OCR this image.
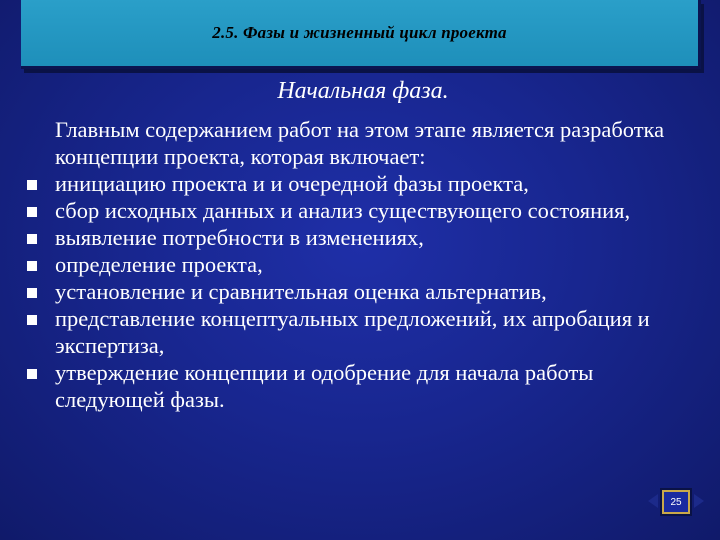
2.5. Фазы и жизненный цикл проекта
Начальная фаза.
Главным содержанием работ на этом этапе является разработка концепции проекта, которая включает:
инициацию проекта и и очередной фазы проекта,
сбор исходных данных и анализ существующего состояния,
выявление потребности в изменениях,
определение проекта,
установление и сравнительная оценка альтернатив,
представление концептуальных предложений, их апробация и экспертиза,
утверждение концепции и одобрение для начала работы следующей фазы.
25
